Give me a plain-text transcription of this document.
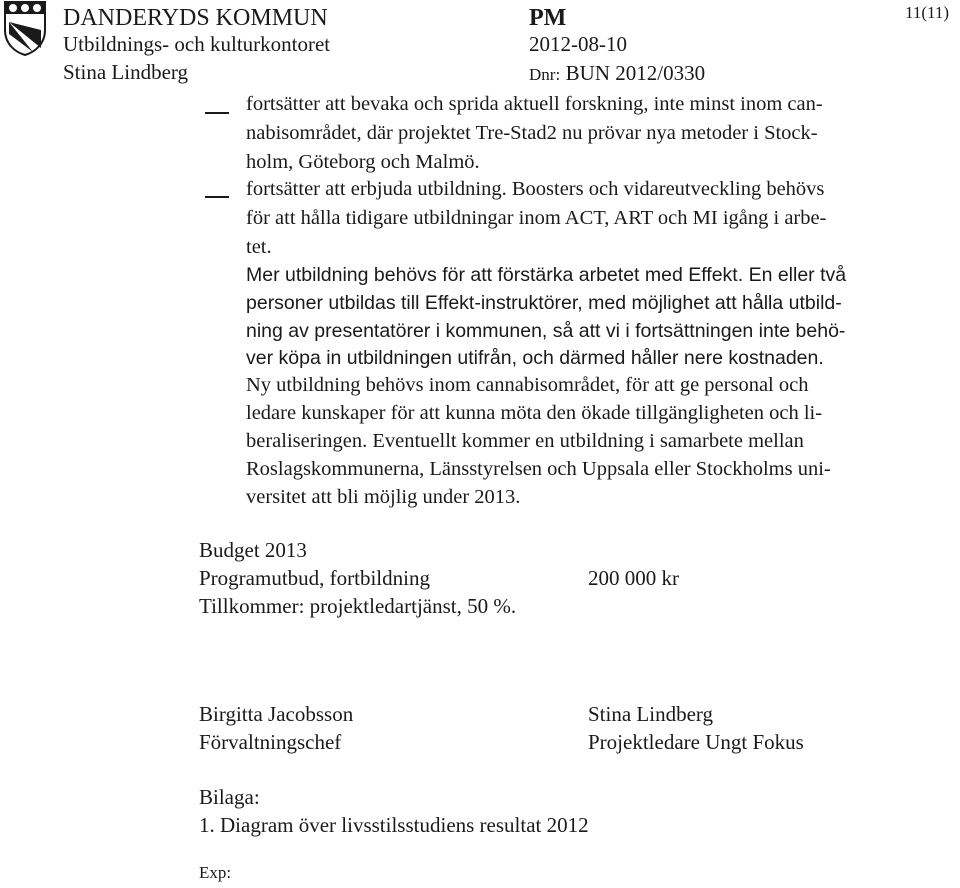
DANDERYDS KOMMUN
Utbildnings- och kulturkontoret
Stina Lindberg
PM
2012-08-10
Dnr: BUN 2012/0330
11(11)
fortsätter att bevaka och sprida aktuell forskning, inte minst inom can-
nabisområdet, där projektet Tre-Stad2 nu prövar nya metoder i Stock-
holm, Göteborg och Malmö.
fortsätter att erbjuda utbildning. Boosters och vidareutveckling behövs
för att hålla tidigare utbildningar inom ACT, ART och MI igång i arbe-
tet.
Mer utbildning behövs för att förstärka arbetet med Effekt. En eller två
personer utbildas till Effekt-instruktörer, med möjlighet att hålla utbild-
ning av presentatörer i kommunen, så att vi i fortsättningen inte behö-
ver köpa in utbildningen utifrån, och därmed håller nere kostnaden.
Ny utbildning behövs inom cannabisområdet, för att ge personal och
ledare kunskaper för att kunna möta den ökade tillgängligheten och li-
beraliseringen. Eventuellt kommer en utbildning i samarbete mellan
Roslagskommunerna, Länsstyrelsen och Uppsala eller Stockholms uni-
versitet att bli möjlig under 2013.
Budget 2013
Programutbud, fortbildning	200 000 kr
Tillkommer: projektledartjänst, 50 %.
Birgitta Jacobsson
Förvaltningschef
Stina Lindberg
Projektledare Ungt Fokus
Bilaga:
1. Diagram över livsstilsstudiens resultat 2012
Exp:
